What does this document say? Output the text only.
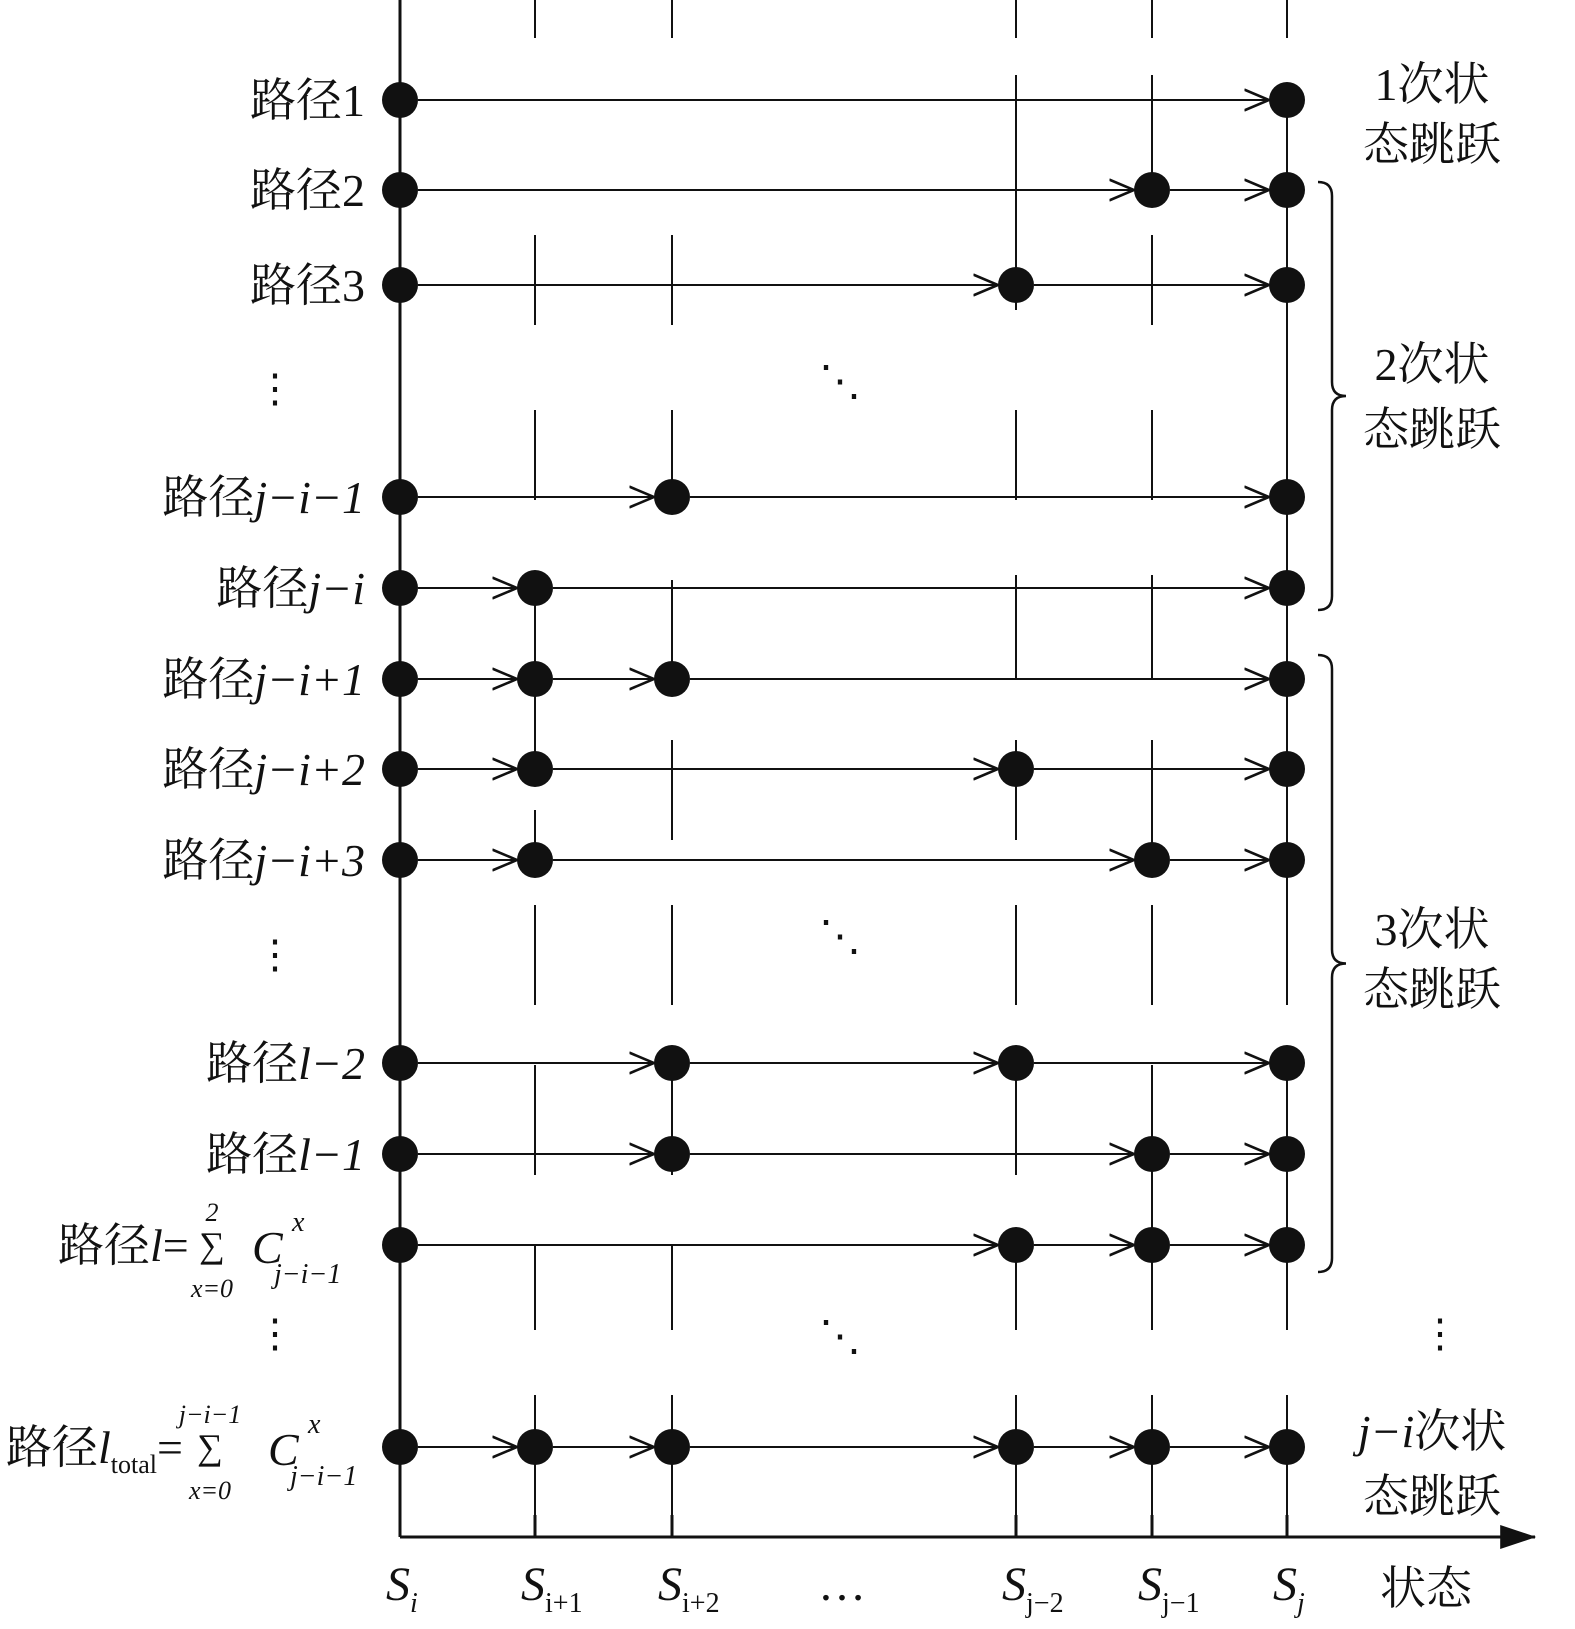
路径1
路径2
路径3
路径j−i−1
路径j−i
路径j−i+1
路径j−i+2
路径j−i+3
路径l−2
路径l−1
路径l=
2
∑
x=0
C x
j−i−1
路径$l_{total}=$
j−i−1
∑
x=0
C x
j−i−1
$S_i$ $S_{i+1}$ $S_{i+2}$ …	$S_{j-2}$ $S_{j-1}$ $S_j$ 状态
1次状
态跳跃
2次状
态跳跃
3次状
态跳跃
j−i次状
态跳跃
⋮
⋮
⋮	⋮
⋱
⋱
⋱
